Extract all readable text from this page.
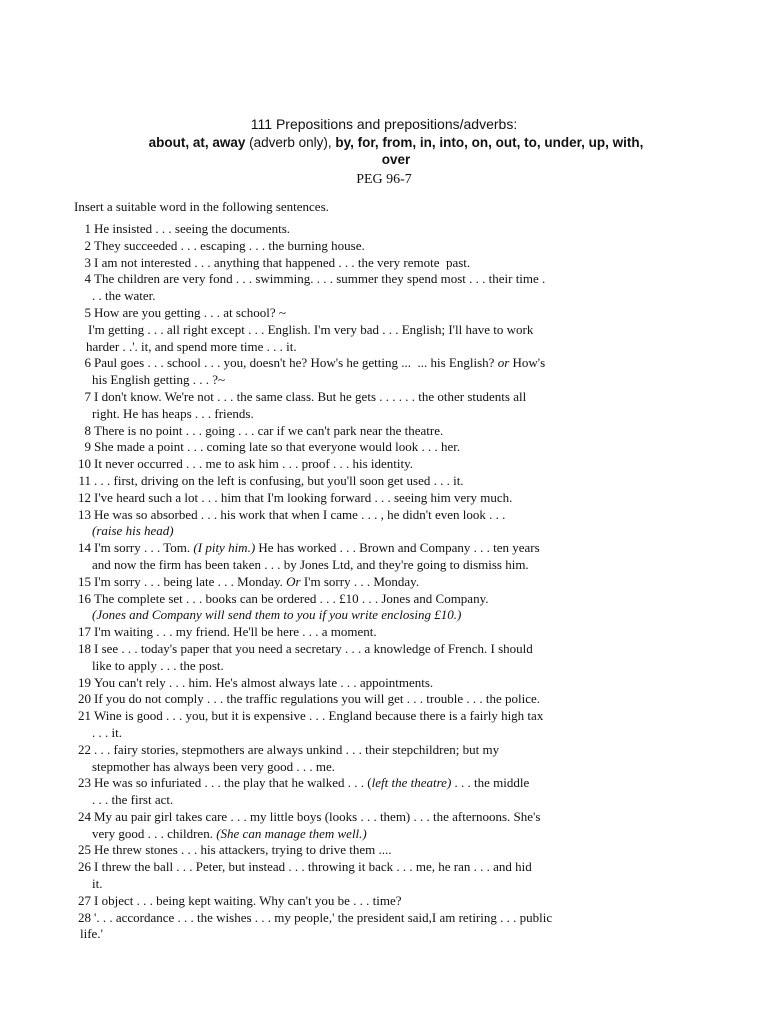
111 Prepositions and prepositions/adverbs:
about, at, away (adverb only), by, for, from, in, into, on, out, to, under, up, with,
over
PEG 96-7
Insert a suitable word in the following sentences.
1 He insisted . . . seeing the documents.
2 They succeeded . . . escaping . . . the burning house.
3 I am not interested . . . anything that happened . . . the very remote  past.
4 The children are very fond . . . swimming. . . . summer they spend most . . . their time .
. . the water.
5 How are you getting . . . at school? ~
I'm getting . . . all right except . . . English. I'm very bad . . . English; I'll have to work
harder . .'. it, and spend more time . . . it.
6 Paul goes . . . school . . . you, doesn't he? How's he getting ...  ... his English? or How's
his English getting . . . ?~
7 I don't know. We're not . . . the same class. But he gets . . . . . . the other students all
right. He has heaps . . . friends.
8 There is no point . . . going . . . car if we can't park near the theatre.
9 She made a point . . . coming late so that everyone would look . . . her.
10 It never occurred . . . me to ask him . . . proof . . . his identity.
11 . . . first, driving on the left is confusing, but you'll soon get used . . . it.
12 I've heard such a lot . . . him that I'm looking forward . . . seeing him very much.
13 He was so absorbed . . . his work that when I came . . . , he didn't even look . . .
(raise his head)
14 I'm sorry . . . Tom. (I pity him.) He has worked . . . Brown and Company . . . ten years
and now the firm has been taken . . . by Jones Ltd, and they're going to dismiss him.
15 I'm sorry . . . being late . . . Monday. Or I'm sorry . . . Monday.
16 The complete set . . . books can be ordered . . . £10 . . . Jones and Company.
(Jones and Company will send them to you if you write enclosing £10.)
17 I'm waiting . . . my friend. He'll be here . . . a moment.
18 I see . . . today's paper that you need a secretary . . . a knowledge of French. I should
like to apply . . . the post.
19 You can't rely . . . him. He's almost always late . . . appointments.
20 If you do not comply . . . the traffic regulations you will get . . . trouble . . . the police.
21 Wine is good . . . you, but it is expensive . . . England because there is a fairly high tax
. . . it.
22 . . . fairy stories, stepmothers are always unkind . . . their stepchildren; but my
stepmother has always been very good . . . me.
23 He was so infuriated . . . the play that he walked . . . (left the theatre) . . . the middle
. . . the first act.
24 My au pair girl takes care . . . my little boys (looks . . . them) . . . the afternoons. She's
very good . . . children. (She can manage them well.)
25 He threw stones . . . his attackers, trying to drive them ....
26 I threw the ball . . . Peter, but instead . . . throwing it back . . . me, he ran . . . and hid
it.
27 I object . . . being kept waiting. Why can't you be . . . time?
28 '. . . accordance . . . the wishes . . . my people,' the president said,I am retiring . . . public
life.'
